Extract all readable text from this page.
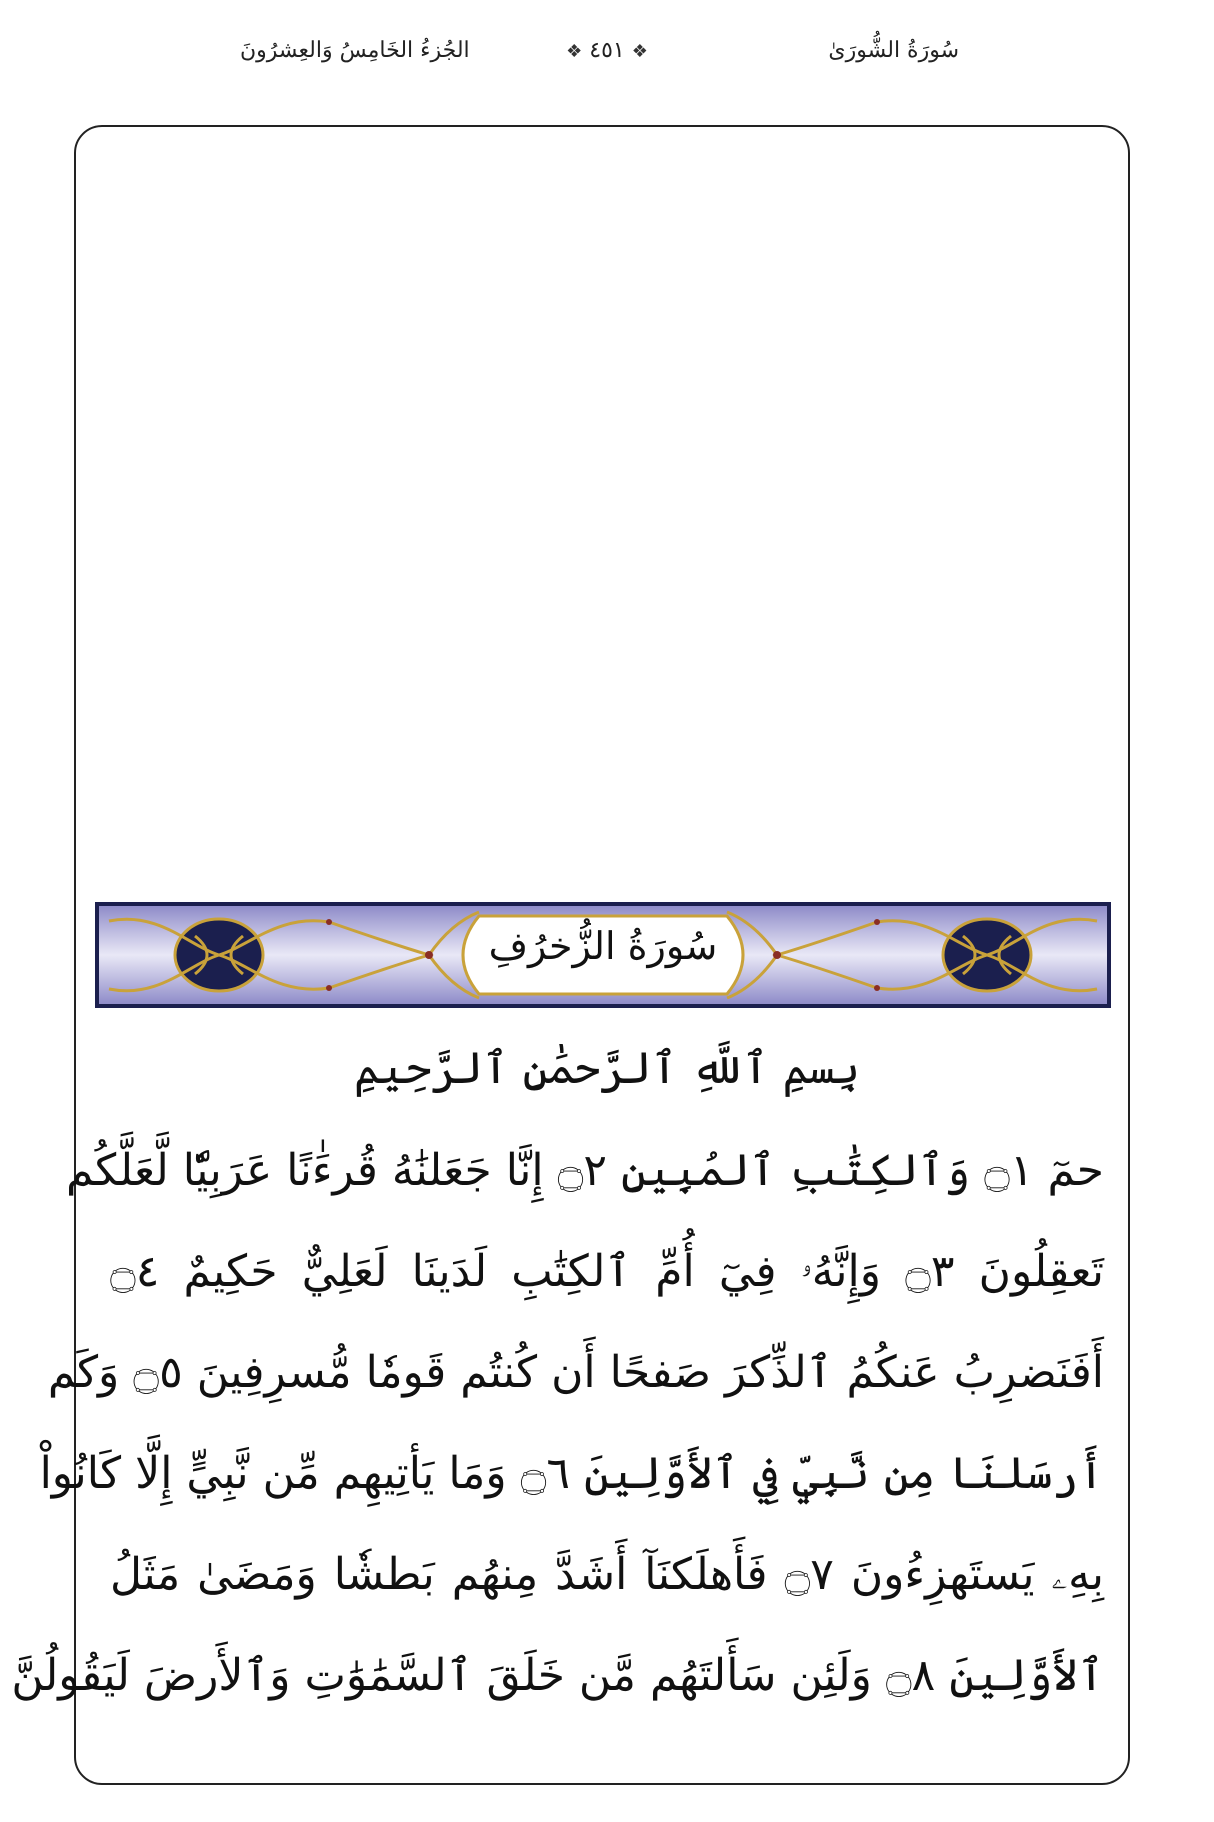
سُورَةُ الشُّورَىٰ
❖ ٤٥١ ❖
الجُزءُ الخَامِسُ وَالعِشرُونَ
سُورَةُ الزُّخرُفِ
بِسمِ ٱللَّهِ ٱلرَّحمَٰنِ ٱلرَّحِيمِ
حمٓ ۝١ وَٱلكِتَٰبِ ٱلمُبِينِ ۝٢ إِنَّا جَعَلنَٰهُ قُرءَٰنًا عَرَبِيّٗا لَّعَلَّكُم
تَعقِلُونَ ۝٣ وَإِنَّهُۥ فِيٓ أُمِّ ٱلكِتَٰبِ لَدَينَا لَعَلِيٌّ حَكِيمٌ ۝٤
أَفَنَضرِبُ عَنكُمُ ٱلذِّكرَ صَفحًا أَن كُنتُم قَومٗا مُّسرِفِينَ ۝٥ وَكَم
أَرسَلنَا مِن نَّبِيّٖ فِي ٱلأَوَّلِينَ ۝٦ وَمَا يَأتِيهِم مِّن نَّبِيٍّ إِلَّا كَانُواْ
بِهِۦ يَستَهزِءُونَ ۝٧ فَأَهلَكنَآ أَشَدَّ مِنهُم بَطشٗا وَمَضَىٰ مَثَلُ
ٱلأَوَّلِينَ ۝٨ وَلَئِن سَأَلتَهُم مَّن خَلَقَ ٱلسَّمَٰوَٰتِ وَٱلأَرضَ لَيَقُولُنَّ
